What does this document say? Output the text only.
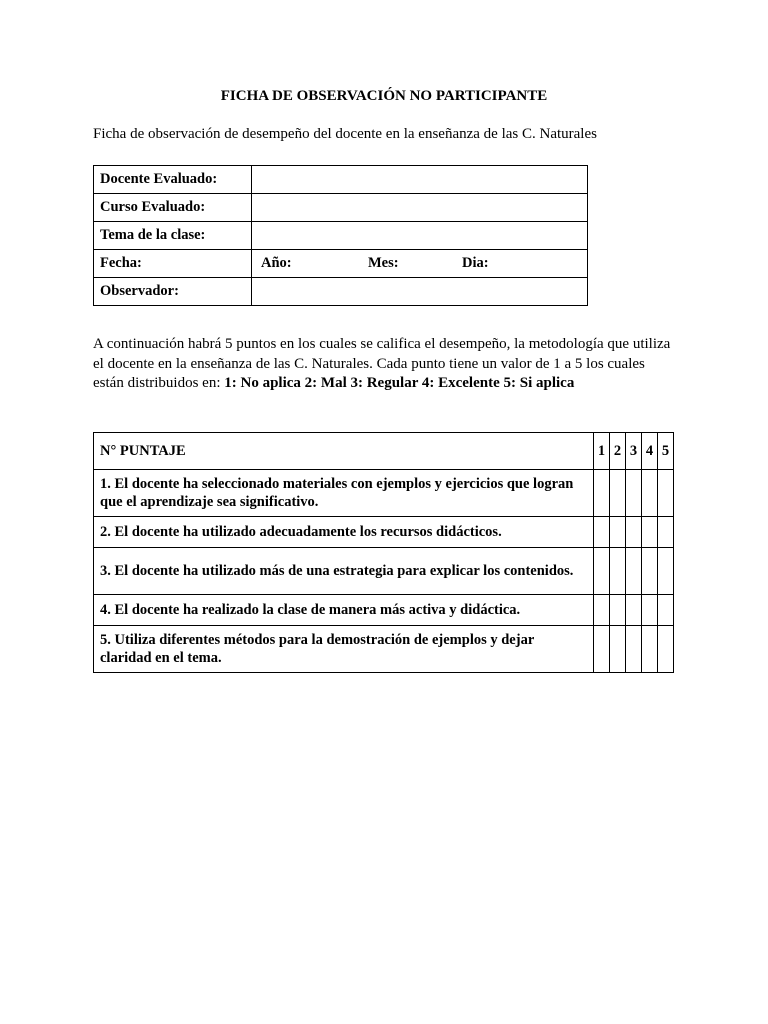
FICHA DE OBSERVACIÓN NO PARTICIPANTE
Ficha de observación de desempeño del docente en la enseñanza de las C. Naturales
Docente Evaluado:	
Curso Evaluado:	
Tema de la clase:	
Fecha:	Año: Mes: Dia:

Observador:	
A continuación habrá 5 puntos en los cuales se califica el desempeño, la metodología que utiliza el docente en la enseñanza de las C. Naturales. Cada punto tiene un valor de 1 a 5 los cuales están distribuidos en: 1: No aplica 2: Mal 3: Regular 4: Excelente 5: Si aplica
N° PUNTAJE	1	2	3	4	5
1. El docente ha seleccionado materiales con ejemplos y ejercicios que logran que el aprendizaje sea significativo.					
2. El docente ha utilizado adecuadamente los recursos didácticos.					
3. El docente ha utilizado más de una estrategia para explicar los contenidos.					
4. El docente ha realizado la clase de manera más activa y didáctica.					
5. Utiliza diferentes métodos para la demostración de ejemplos y dejar claridad en el tema.					
